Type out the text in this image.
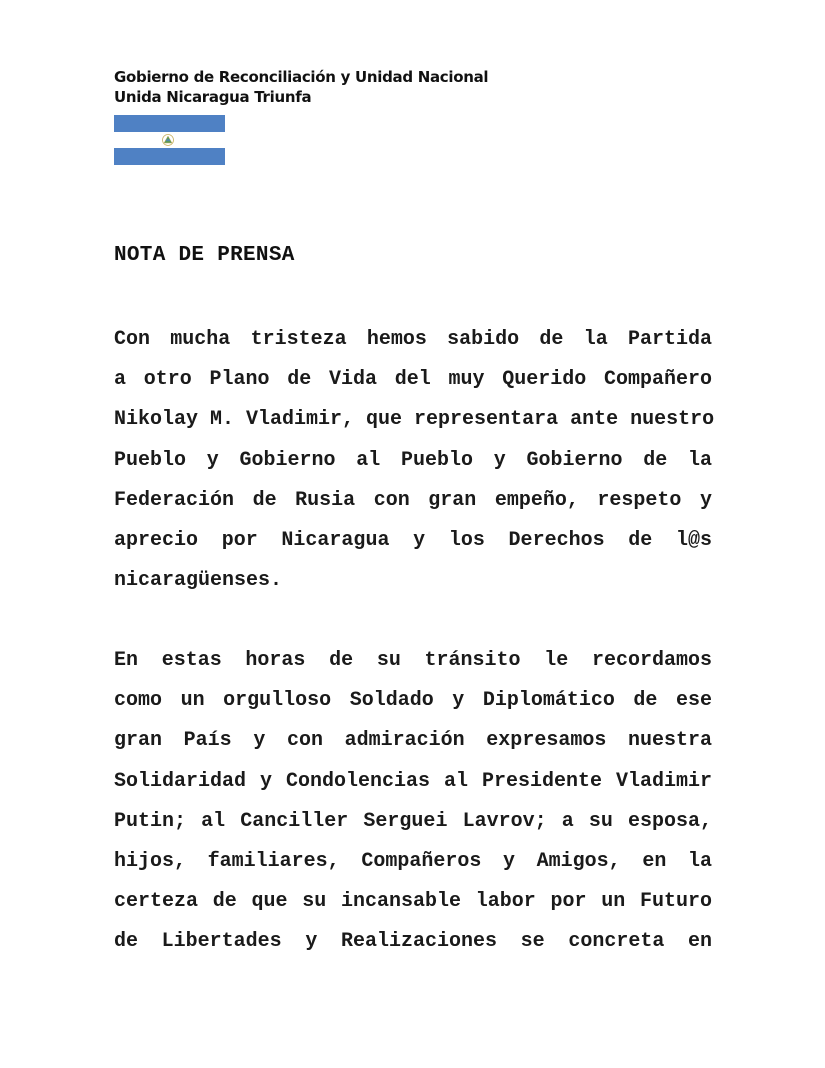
Gobierno de Reconciliación y Unidad Nacional
Unida Nicaragua Triunfa
NOTA DE PRENSA
Con mucha tristeza hemos sabido de la Partida
a otro Plano de Vida del muy Querido Compañero
Nikolay M. Vladimir, que representara ante nuestro
Pueblo y Gobierno al Pueblo y Gobierno de la
Federación de Rusia con gran empeño, respeto y
aprecio por Nicaragua y los Derechos de l@s
nicaragüenses.
En estas horas de su tránsito le recordamos
como un orgulloso Soldado y Diplomático de ese
gran País y con admiración expresamos nuestra
Solidaridad y Condolencias al Presidente Vladimir
Putin; al Canciller Serguei Lavrov; a su esposa,
hijos, familiares, Compañeros y Amigos, en la
certeza de que su incansable labor por un Futuro
de Libertades y Realizaciones se concreta en
